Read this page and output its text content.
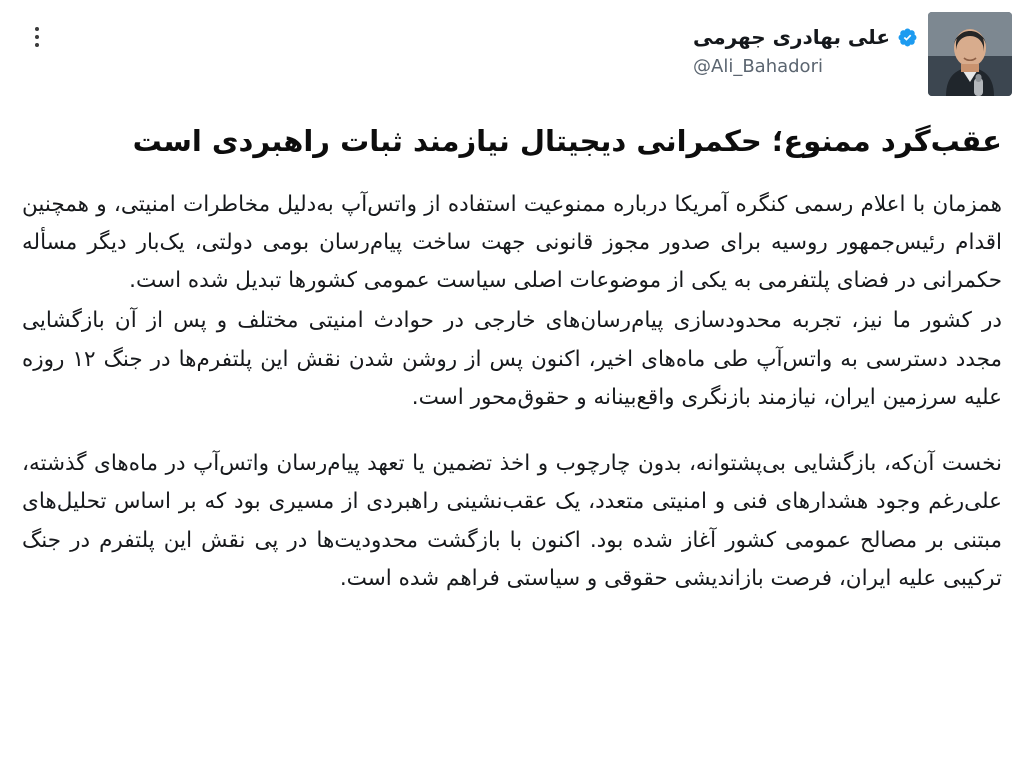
علی بهادری جهرمی
@Ali_Bahadori
عقب‌گرد ممنوع؛ حکمرانی دیجیتال نیازمند ثبات راهبردی است

همزمان با اعلام رسمی کنگره آمریکا درباره ممنوعیت استفاده از واتس‌آپ به‌دلیل مخاطرات امنیتی، و همچنین اقدام رئیس‌جمهور روسیه برای صدور مجوز قانونی جهت ساخت پیام‌رسان بومی دولتی، یک‌بار دیگر مسأله حکمرانی در فضای پلتفرمی به یکی از موضوعات اصلی سیاست عمومی کشورها تبدیل شده است.

در کشور ما نیز، تجربه محدودسازی پیام‌رسان‌های خارجی در حوادث امنیتی مختلف و پس از آن بازگشایی مجدد دسترسی به واتس‌آپ طی ماه‌های اخیر، اکنون پس از روشن شدن نقش این پلتفرم‌ها در جنگ ۱۲ روزه علیه سرزمین ایران، نیازمند بازنگری واقع‌بینانه و حقوق‌محور است.

نخست آن‌که، بازگشایی بی‌پشتوانه، بدون چارچوب و اخذ تضمین یا تعهد پیام‌رسان واتس‌آپ در ماه‌های گذشته، علی‌رغم وجود هشدارهای فنی و امنیتی متعدد، یک عقب‌نشینی راهبردی از مسیری بود که بر اساس تحلیل‌های مبتنی بر مصالح عمومی کشور آغاز شده بود. اکنون با بازگشت محدودیت‌ها در پی نقش این پلتفرم در جنگ ترکیبی علیه ایران، فرصت بازاندیشی حقوقی و سیاستی فراهم شده است.
